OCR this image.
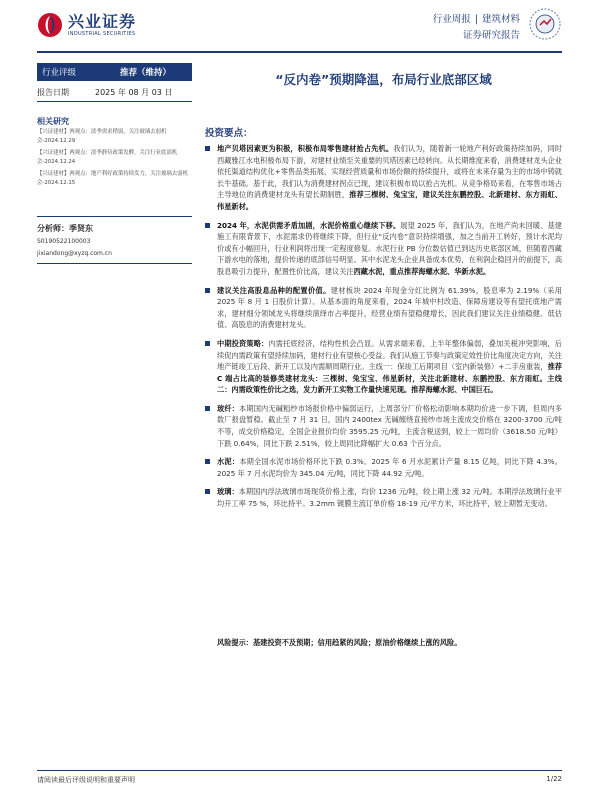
兴业证券
INDUSTRIAL SECURITIES
行业周报 | 建筑材料
证券研究报告
行业评级	推荐（维持）
报告日期	2025 年 08 月 03 日
相关研究
【兴证建材】两观点：淡季需求稍弱，关注玻璃去弱机会-2024.12.29
【兴证建材】两观点：淡季静待政策发酵，关注行业底部机会-2024.12.24
【兴证建材】两观点：地产利好政策持续发力，关注玻璃去弱机会-2024.12.15
分析师：季贤东
S0190522100003
jixiandong@xyzq.com.cn
“反内卷”预期降温，布局行业底部区域
投资要点：
地产贝塔因素更为积极，积极布局零售建材抢占先机。我们认为，随着新一轮地产利好政策持续加码，同时西藏雅江水电积极布局下游，对建材业绩至关重要的贝塔因素已经转向。从长期维度来看，消费建材龙头企业依托渠道结构优化+零售品类拓展，实现经营质量和市场份额的持续提升，或将在未来存量为主的市场中铸就长牛基础。基于此，我们认为消费建材拐点已现，建议积极布局以抢占先机。从竞争格局来看，在零售市场占主导地位的消费建材龙头有望长期制胜，推荐三棵树、兔宝宝，建议关注东鹏控股、北新建材、东方雨虹、伟星新材。
2024 年，水泥供需矛盾加剧，水泥价格重心继续下移。展望 2025 年，我们认为，在地产尚未回暖、基建施工有限背景下，水泥需求仍将继续下降，但行业“反内卷”意识持续增强，加之当前开工转好，预计水泥均价或有小幅回升，行业利润将出现一定程度修复。水泥行业 PB 分位数估值已到达历史底部区域，但随着西藏下游水电的落地，提价传递的底部信号明显。其中水泥龙头企业具备成本优势，在利润企稳回升的前提下，高股息吸引力提升，配置性价比高，建议关注西藏水泥，重点推荐海螺水泥、华新水泥。
建议关注高股息品种的配置价值。建材板块 2024 年现金分红比例为 61.39%，股息率为 2.19%（采用 2025 年 8 月 1 日股价计算）。从基本面的角度来看，2024 年城中村改造、保障房建设等有望托底地产需求，建材细分领域龙头将继续演绎市占率提升，经营业绩有望稳健增长，因此我们建议关注业绩稳健、低估值、高股息的消费建材龙头。
中期投资策略：内需托底经济，结构性机会凸显。从需求端来看，上半年整体偏弱，叠加关税冲突影响，后续促内需政策有望持续加码，建材行业有望核心受益。我们从施工节奏与政策定效性价比角度决定方向，关注地产链竣工后段、新开工以及内需顺周期行业。主线一：保竣工后期项目（室内新装修）+二手房重装，推荐 C 端占比高的装修类建材龙头：三棵树、兔宝宝、伟星新材，关注北新建材、东鹏控股、东方雨虹。主线二：内需政策性价比之选，发力新开工实物工作量快速见现。推荐海螺水泥、中国巨石。
玻纤：本期国内无碱粗纱市场报价格中偏弱运行，上周部分厂价格松动影响本期均价进一步下调，但周内多数厂报盘暂稳。截止至 7 月 31 日，国内 2400tex 无碱缠绕直接纱市场主流成交价格在 3200-3700 元/吨不等，成交价格稳定，全国企业报价均价 3595.25 元/吨，主流含税送到，较上一周均价（3618.50 元/吨）下跌 0.64%，同比下跌 2.51%，较上周同比降幅扩大 0.63 个百分点。
水泥：本期全国水泥市场价格环比下跌 0.3%。2025 年 6 月水泥累计产量 8.15 亿吨，同比下降 4.3%。2025 年 7 月水泥均价为 345.04 元/吨，同比下降 44.92 元/吨。
玻璃：本期国内浮法玻璃市场现货价格上涨，均价 1236 元/吨，较上期上涨 32 元/吨。本期浮法玻璃行业平均开工率 75 %，环比持平。3.2mm 镀膜主流订单价格 18-19 元/平方米，环比持平，较上期暂无变动。
风险提示：基建投资不及预期；信用趋紧的风险；原油价格继续上涨的风险。
请阅读最后评级说明和重要声明	1/22
